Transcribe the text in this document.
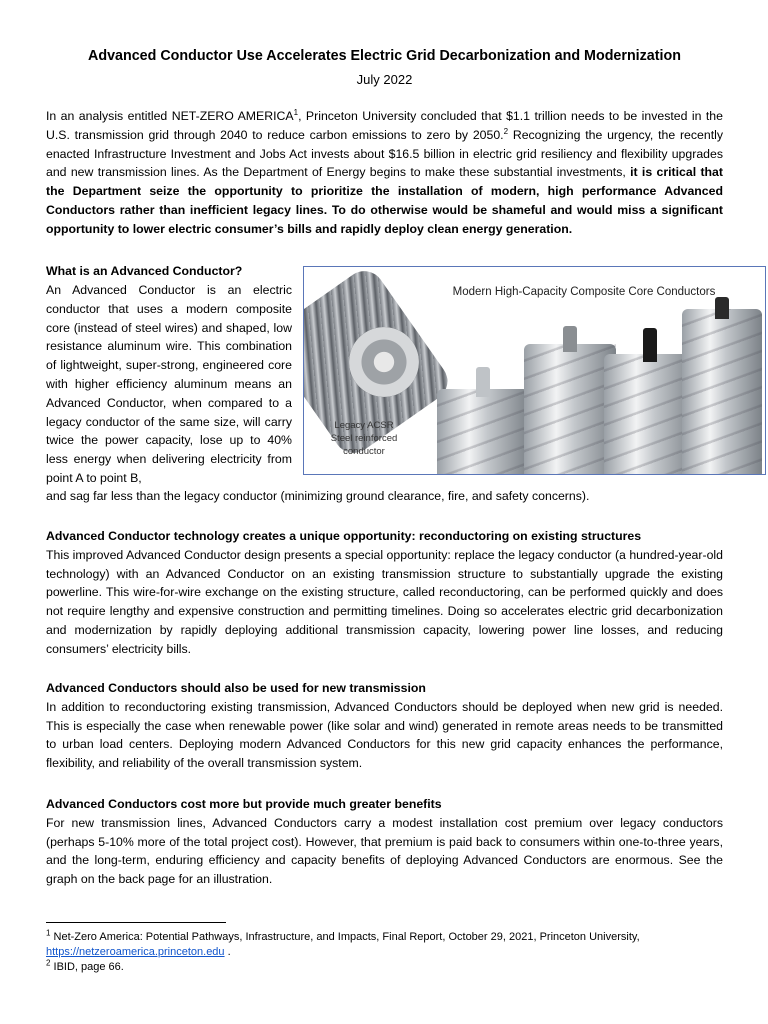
Advanced Conductor Use Accelerates Electric Grid Decarbonization and Modernization
July 2022

In an analysis entitled NET-ZERO AMERICA$^1$, Princeton University concluded that $1.1 trillion needs to be invested in the U.S. transmission grid through 2040 to reduce carbon emissions to zero by 2050.$^2$ Recognizing the urgency, the recently enacted Infrastructure Investment and Jobs Act invests about $16.5 billion in electric grid resiliency and flexibility upgrades and new transmission lines. As the Department of Energy begins to make these substantial investments, it is critical that the Department seize the opportunity to prioritize the installation of modern, high performance Advanced Conductors rather than inefficient legacy lines. To do otherwise would be shameful and would miss a significant opportunity to lower electric consumer’s bills and rapidly deploy clean energy generation.

What is an Advanced Conductor?

An Advanced Conductor is an electric conductor that uses a modern composite core (instead of steel wires) and shaped, low resistance aluminum wire. This combination of lightweight, super-strong, engineered core with higher efficiency aluminum means an Advanced Conductor, when compared to a legacy conductor of the same size, will carry twice the power capacity, lose up to 40% less energy when delivering electricity from point A to point B,

Legacy ACSR Steel reinforced conductor
Modern High-Capacity Composite Core Conductors

and sag far less than the legacy conductor (minimizing ground clearance, fire, and safety concerns).

Advanced Conductor technology creates a unique opportunity: reconductoring on existing structures

This improved Advanced Conductor design presents a special opportunity: replace the legacy conductor (a hundred-year-old technology) with an Advanced Conductor on an existing transmission structure to substantially upgrade the existing powerline. This wire-for-wire exchange on the existing structure, called reconductoring, can be performed quickly and does not require lengthy and expensive construction and permitting timelines. Doing so accelerates electric grid decarbonization and modernization by rapidly deploying additional transmission capacity, lowering power line losses, and reducing consumers’ electricity bills.

Advanced Conductors should also be used for new transmission

In addition to reconductoring existing transmission, Advanced Conductors should be deployed when new grid is needed. This is especially the case when renewable power (like solar and wind) generated in remote areas needs to be transmitted to urban load centers. Deploying modern Advanced Conductors for this new grid capacity enhances the performance, flexibility, and reliability of the overall transmission system.

Advanced Conductors cost more but provide much greater benefits

For new transmission lines, Advanced Conductors carry a modest installation cost premium over legacy conductors (perhaps 5-10% more of the total project cost). However, that premium is paid back to consumers within one-to-three years, and the long-term, enduring efficiency and capacity benefits of deploying Advanced Conductors are enormous. See the graph on the back page for an illustration.

$^1$ Net-Zero America: Potential Pathways, Infrastructure, and Impacts, Final Report, October 29, 2021, Princeton University,
https://netzeroamerica.princeton.edu .
$^2$ IBID, page 66.
